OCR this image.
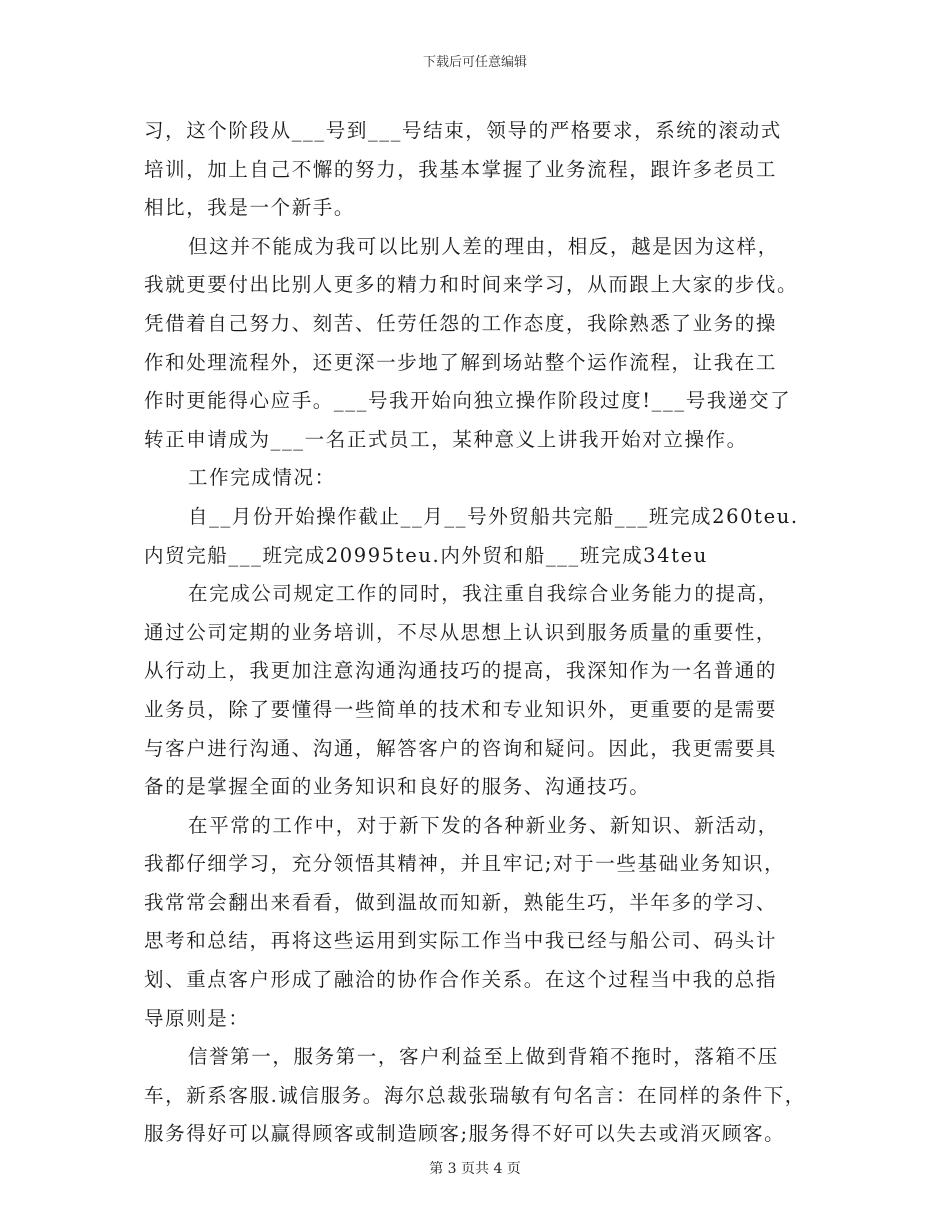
下载后可任意编辑
习，这个阶段从___号到___号结束，领导的严格要求，系统的滚动式
培训，加上自己不懈的努力，我基本掌握了业务流程，跟许多老员工
相比，我是一个新手。
但这并不能成为我可以比别人差的理由，相反，越是因为这样，
我就更要付出比别人更多的精力和时间来学习，从而跟上大家的步伐。
凭借着自己努力、刻苦、任劳任怨的工作态度，我除熟悉了业务的操
作和处理流程外，还更深一步地了解到场站整个运作流程，让我在工
作时更能得心应手。___号我开始向独立操作阶段过度!___号我递交了
转正申请成为___一名正式员工，某种意义上讲我开始对立操作。
工作完成情况：
自__月份开始操作截止__月__号外贸船共完船___班完成260teu.
内贸完船___班完成20995teu.内外贸和船___班完成34teu
在完成公司规定工作的同时，我注重自我综合业务能力的提高，
通过公司定期的业务培训，不尽从思想上认识到服务质量的重要性，
从行动上，我更加注意沟通沟通技巧的提高，我深知作为一名普通的
业务员，除了要懂得一些简单的技术和专业知识外，更重要的是需要
与客户进行沟通、沟通，解答客户的咨询和疑问。因此，我更需要具
备的是掌握全面的业务知识和良好的服务、沟通技巧。
在平常的工作中，对于新下发的各种新业务、新知识、新活动，
我都仔细学习，充分领悟其精神，并且牢记;对于一些基础业务知识，
我常常会翻出来看看，做到温故而知新，熟能生巧，半年多的学习、
思考和总结，再将这些运用到实际工作当中我已经与船公司、码头计
划、重点客户形成了融洽的协作合作关系。在这个过程当中我的总指
导原则是：
信誉第一，服务第一，客户利益至上做到背箱不拖时，落箱不压
车，新系客服.诚信服务。海尔总裁张瑞敏有句名言：在同样的条件下，
服务得好可以赢得顾客或制造顾客;服务得不好可以失去或消灭顾客。
第 3 页共 4 页
